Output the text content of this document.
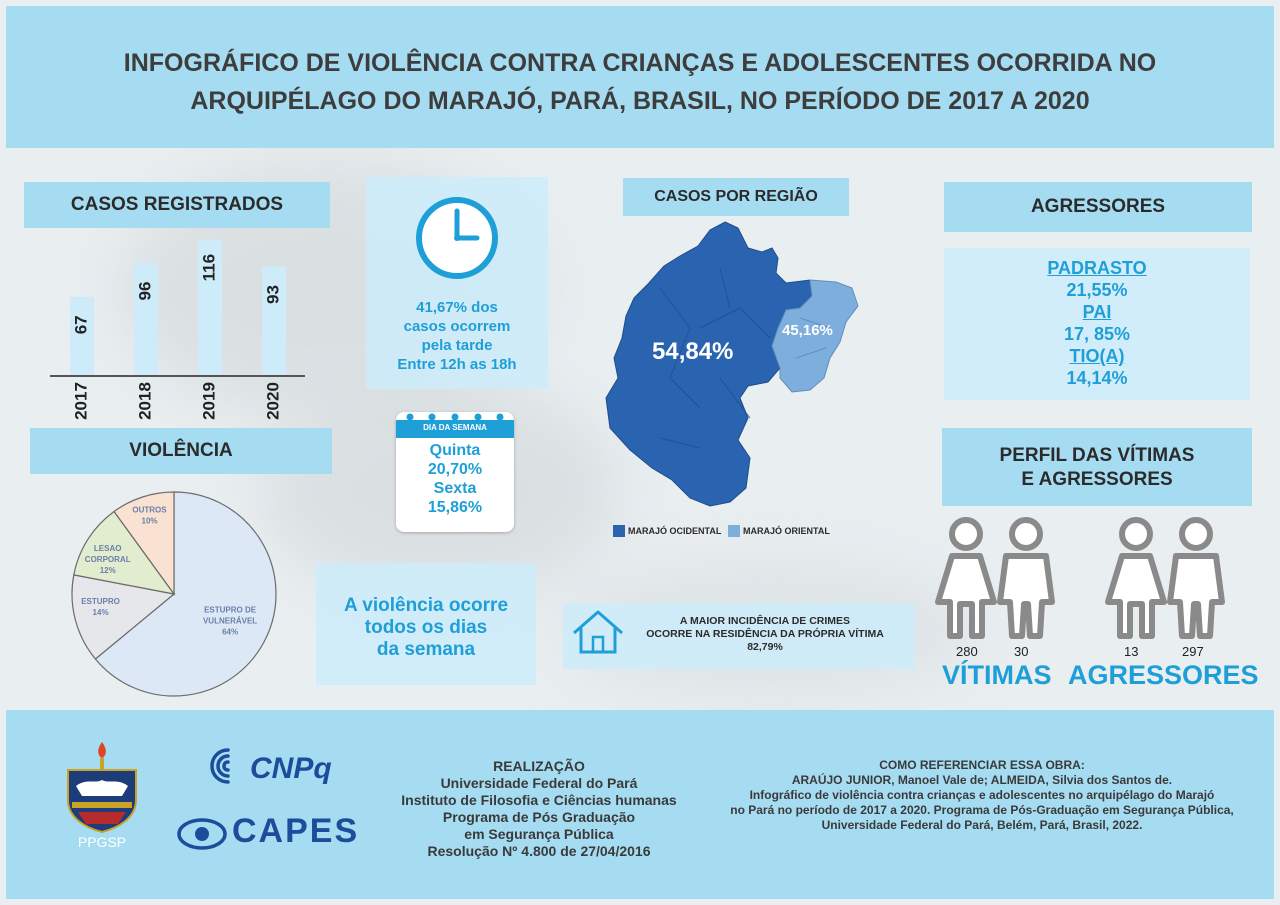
INFOGRÁFICO DE VIOLÊNCIA CONTRA CRIANÇAS E ADOLESCENTES OCORRIDA NO
ARQUIPÉLAGO DO MARAJÓ, PARÁ, BRASIL, NO PERÍODO DE 2017 A 2020
CASOS REGISTRADOS
67
2017
96
2018
116
2019
93
2020
VIOLÊNCIA
ESTUPRO DE
VULNERÁVEL
64%
ESTUPRO
14%
LESAO
CORPORAL
12%
OUTROS
10%
41,67% dos
casos ocorrem
pela tarde
Entre 12h as 18h
DIA DA SEMANA
Quinta
20,70%
Sexta
15,86%
A violência ocorre
todos os dias
da semana
CASOS POR REGIÃO
54,84%
45,16%
MARAJÓ OCIDENTAL MARAJÓ ORIENTAL
A MAIOR INCIDÊNCIA DE CRIMES
OCORRE NA RESIDÊNCIA DA PRÓPRIA VÍTIMA
82,79%
AGRESSORES
PADRASTO
21,55%
PAI
17, 85%
TIO(A)
14,14%
PERFIL DAS VÍTIMAS
E AGRESSORES
280	30	13	297
VÍTIMAS AGRESSORES
PPGSP
CNPq
CAPES
REALIZAÇÃO
Universidade Federal do Pará
Instituto de Filosofia e Ciências humanas
Programa de Pós Graduação
em Segurança Pública
Resolução Nº 4.800 de 27/04/2016
COMO REFERENCIAR ESSA OBRA:
ARAÚJO JUNIOR, Manoel Vale de; ALMEIDA, Silvia dos Santos de.
Infográfico de violência contra crianças e adolescentes no arquipélago do Marajó
no Pará no período de 2017 a 2020. Programa de Pós-Graduação em Segurança Pública,
Universidade Federal do Pará, Belém, Pará, Brasil, 2022.
